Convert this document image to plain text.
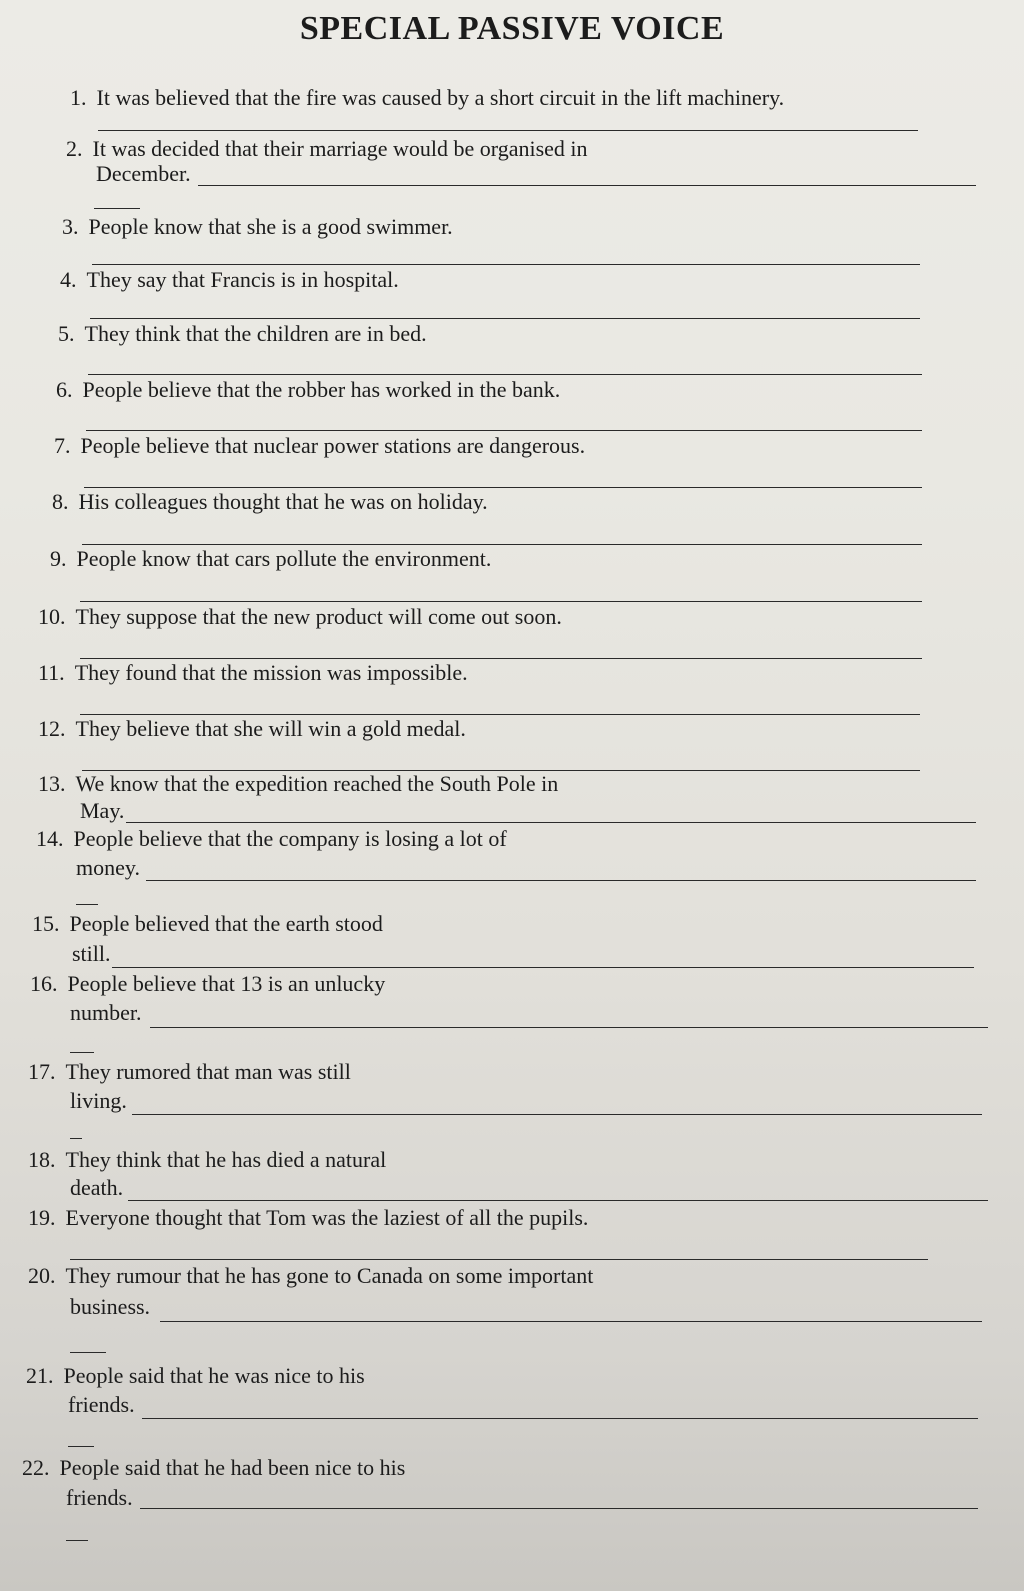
SPECIAL PASSIVE VOICE
1. It was believed that the fire was caused by a short circuit in the lift machinery.
2. It was decided that their marriage would be organised in
December.
3. People know that she is a good swimmer.
4. They say that Francis is in hospital.
5. They think that the children are in bed.
6. People believe that the robber has worked in the bank.
7. People believe that nuclear power stations are dangerous.
8. His colleagues thought that he was on holiday.
9. People know that cars pollute the environment.
10. They suppose that the new product will come out soon.
11. They found that the mission was impossible.
12. They believe that she will win a gold medal.
13. We know that the expedition reached the South Pole in
May.
14. People believe that the company is losing a lot of
money.
15. People believed that the earth stood
still.
16. People believe that 13 is an unlucky
number.
17. They rumored that man was still
living.
18. They think that he has died a natural
death.
19. Everyone thought that Tom was the laziest of all the pupils.
20. They rumour that he has gone to Canada on some important
business.
21. People said that he was nice to his
friends.
22. People said that he had been nice to his
friends.
